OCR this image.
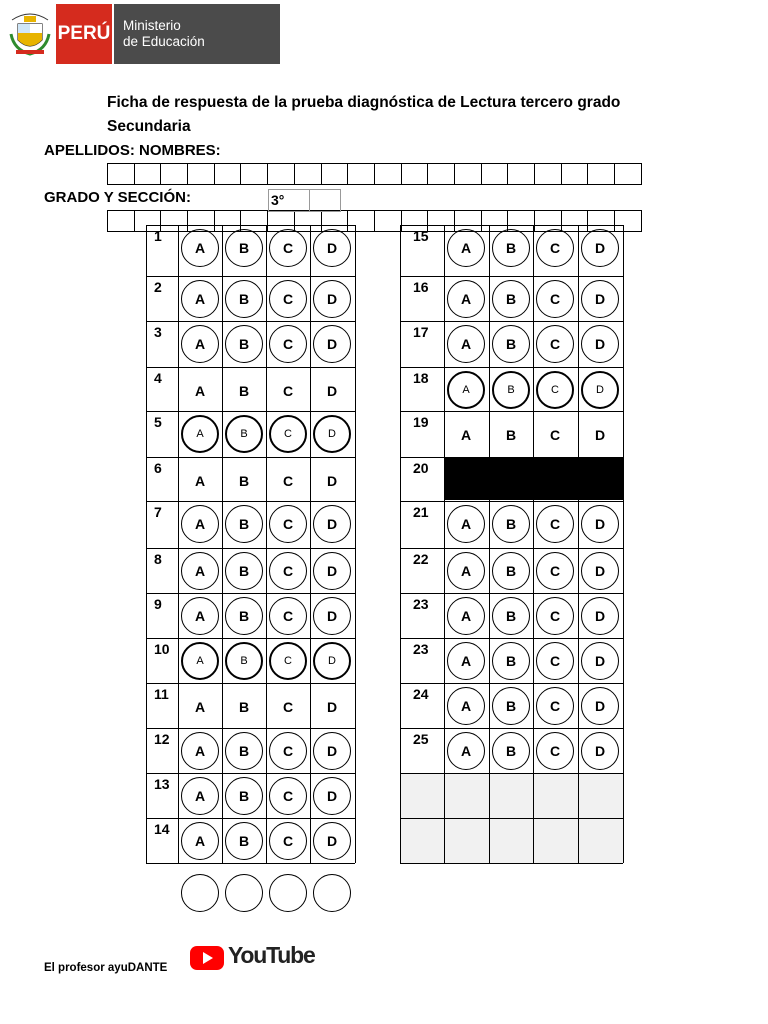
PERÚ Ministerio
de Educación
Ficha de respuesta de la prueba diagnóstica de Lectura tercero grado
Secundaria
APELLIDOS: NOMBRES:
GRADO Y SECCIÓN:	3°
1
A	B	C	D
2
A	B	C	D
3
A	B	C	D
4
A	B	C	D
5
A	B	C	D
6
A	B	C	D
7
A	B	C	D
8
A	B	C	D
9
A	B	C	D
10
A	B	C	D
11
A	B	C	D
12
A	B	C	D
13
A	B	C	D
14
A	B	C	D
15
A	B	C	D
16
A	B	C	D
17
A	B	C	D
18
A	B	C	D
19
A	B	C	D
20
21
A	B	C	D
22
A	B	C	D
23
A	B	C	D
23
A	B	C	D
24
A	B	C	D
25
A	B	C	D
El profesor ayuDANTE	YouTube
